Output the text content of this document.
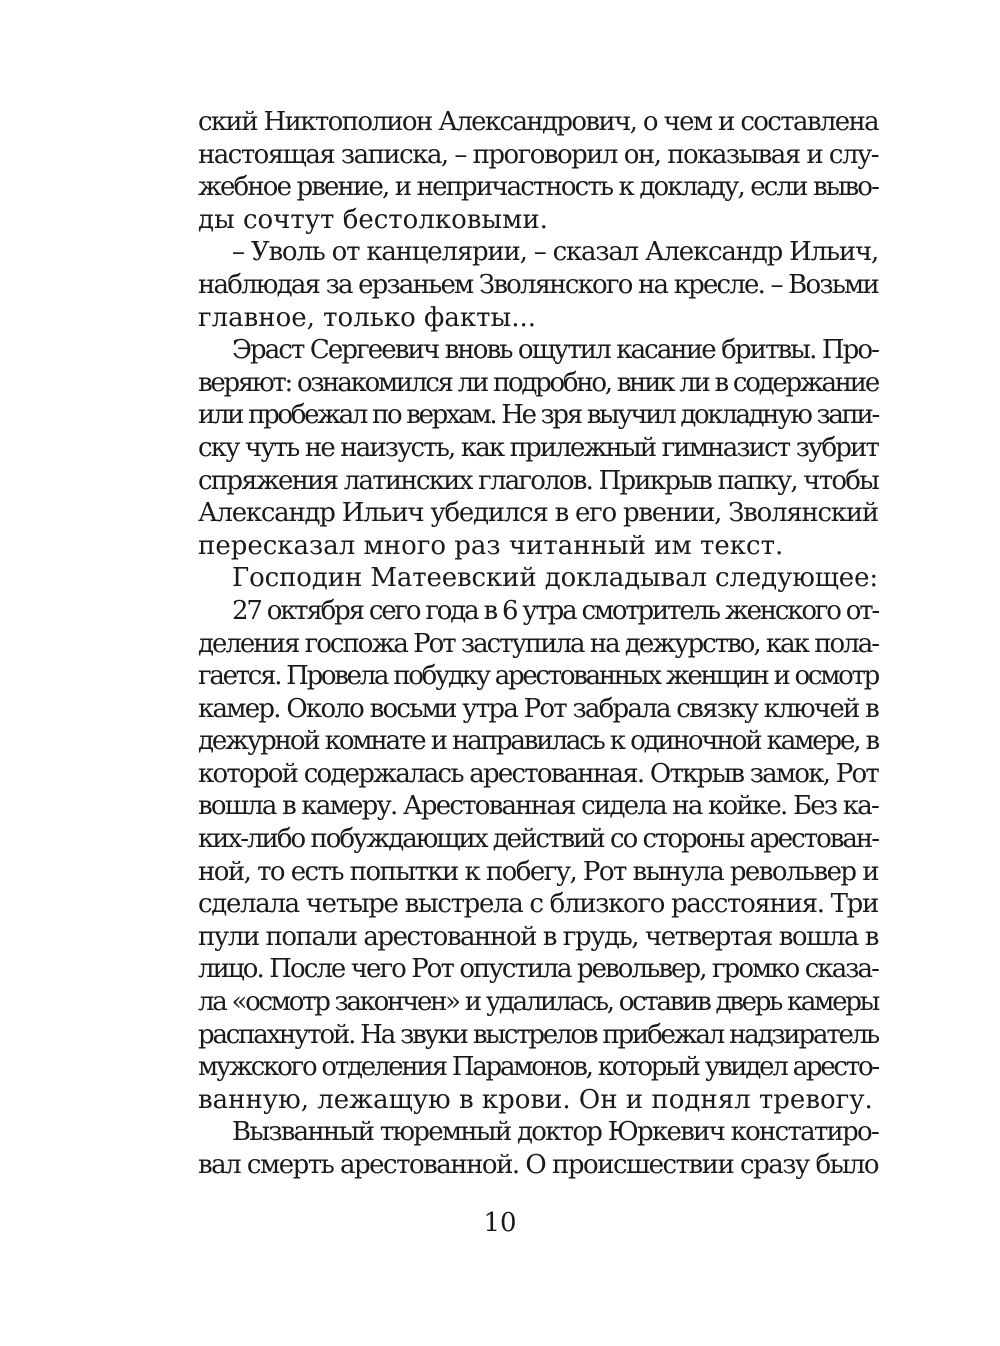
ский Никтополион Александрович, о чем и составлена
настоящая записка, – проговорил он, показывая и слу-
жебное рвение, и непричастность к докладу, если выво-
ды сочтут бестолковыми.
– Уволь от канцелярии, – сказал Александр Ильич,
наблюдая за ерзаньем Зволянского на кресле. – Возьми
главное, только факты...
Эраст Сергеевич вновь ощутил касание бритвы. Про-
веряют: ознакомился ли подробно, вник ли в содержание
или пробежал по верхам. Не зря выучил докладную запи-
ску чуть не наизусть, как прилежный гимназист зубрит
спряжения латинских глаголов. Прикрыв папку, чтобы
Александр Ильич убедился в его рвении, Зволянский
пересказал много раз читанный им текст.
Господин Матеевский докладывал следующее:
27 октября сего года в 6 утра смотритель женского от-
деления госпожа Рот заступила на дежурство, как пола-
гается. Провела побудку арестованных женщин и осмотр
камер. Около восьми утра Рот забрала связку ключей в
дежурной комнате и направилась к одиночной камере, в
которой содержалась арестованная. Открыв замок, Рот
вошла в камеру. Арестованная сидела на койке. Без ка-
ких-либо побуждающих действий со стороны арестован-
ной, то есть попытки к побегу, Рот вынула револьвер и
сделала четыре выстрела с близкого расстояния. Три
пули попали арестованной в грудь, четвертая вошла в
лицо. После чего Рот опустила револьвер, громко сказа-
ла «осмотр закончен» и удалилась, оставив дверь камеры
распахнутой. На звуки выстрелов прибежал надзиратель
мужского отделения Парамонов, который увидел аресто-
ванную, лежащую в крови. Он и поднял тревогу.
Вызванный тюремный доктор Юркевич констатиро-
вал смерть арестованной. О происшествии сразу было
10
